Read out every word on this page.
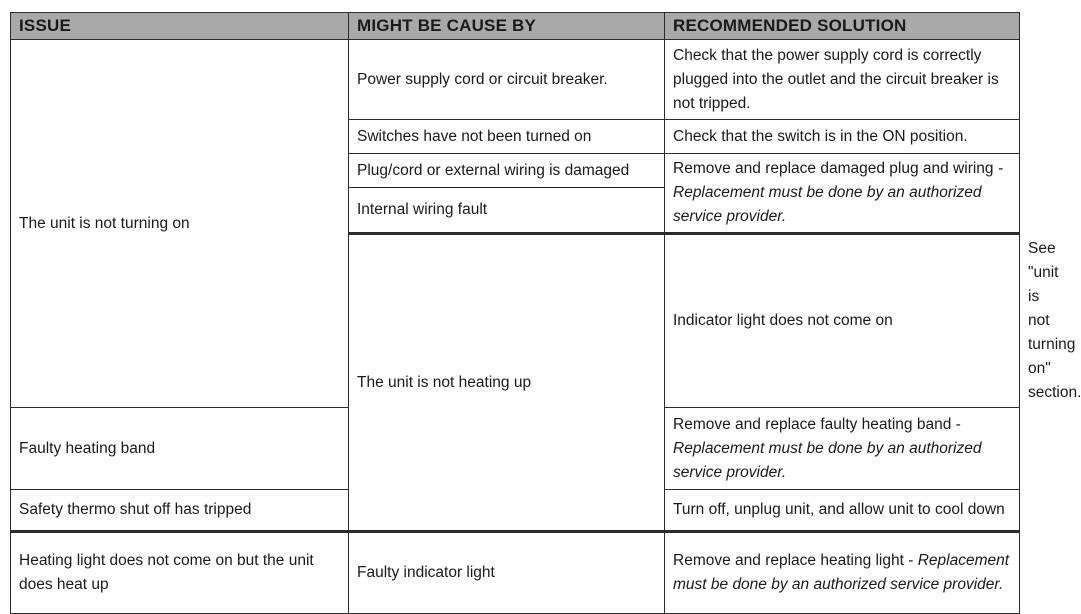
ISSUE	MIGHT BE CAUSE BY	RECOMMENDED SOLUTION	
The unit is not turning on	Power supply cord or circuit breaker.	Check that the power supply cord is correctly plugged into the outlet and the circuit breaker is not tripped.	
	Switches have not been turned on	Check that the switch is in the ON position.	
	Plug/cord or external wiring is damaged	Remove and replace damaged plug and wiring - Replacement must be done by an authorized service provider.	
	Internal wiring fault		
	The unit is not heating up	Indicator light does not come on	See "unit is not turning on" section.
Faulty heating band		Remove and replace faulty heating band - Replacement must be done by an authorized service provider.	
Safety thermo shut off has tripped		Turn off, unplug unit, and allow unit to cool down	
Heating light does not come on but the unit does heat up	Faulty indicator light	Remove and replace heating light - Replacement must be done by an authorized service provider.	
